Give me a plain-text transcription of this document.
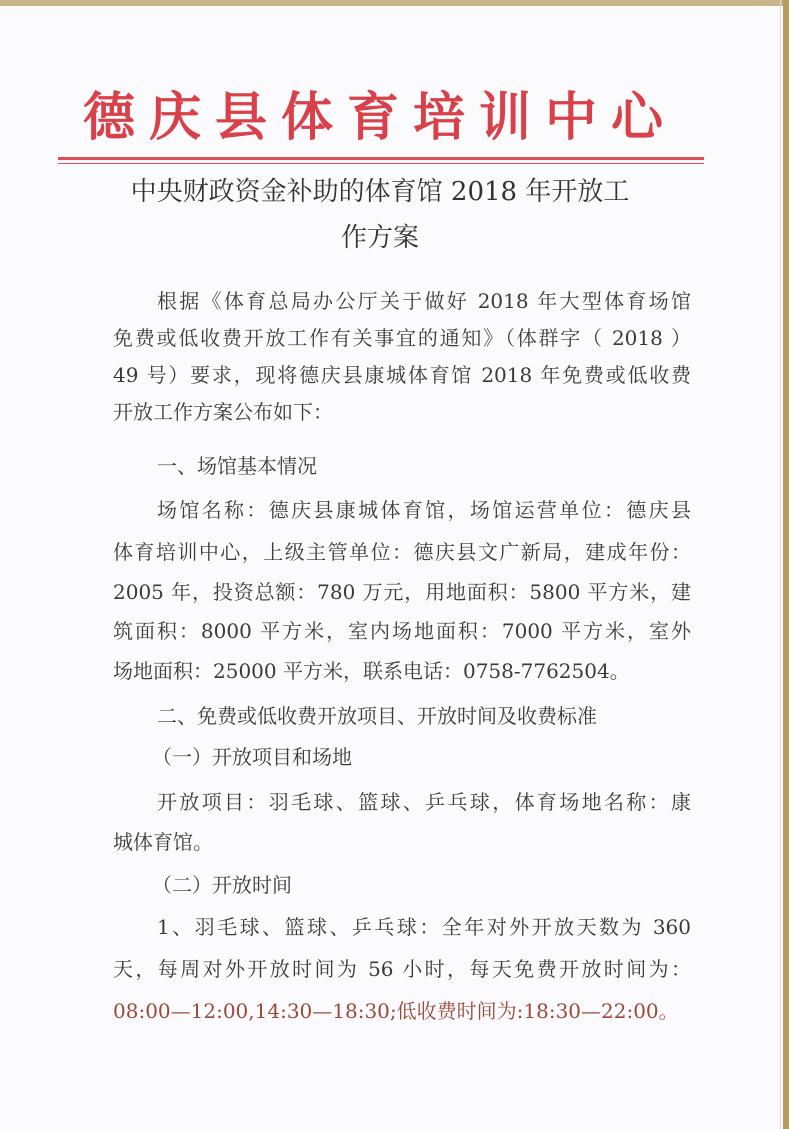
德庆县体育培训中心
中央财政资金补助的体育馆 2018 年开放工
作方案
根据《体育总局办公厅关于做好 2018 年大型体育场馆
免费或低收费开放工作有关事宜的通知》（体群字（ 2018 ）
49 号）要求，现将德庆县康城体育馆 2018 年免费或低收费
开放工作方案公布如下：
一、场馆基本情况
场馆名称：德庆县康城体育馆，场馆运营单位：德庆县
体育培训中心，上级主管单位：德庆县文广新局，建成年份：
2005 年，投资总额：780 万元，用地面积：5800 平方米，建
筑面积：8000 平方米，室内场地面积：7000 平方米，室外
场地面积：25000 平方米，联系电话：0758-7762504。
二、免费或低收费开放项目、开放时间及收费标准
（一）开放项目和场地
开放项目：羽毛球、篮球、乒乓球，体育场地名称：康
城体育馆。
（二）开放时间
1、羽毛球、篮球、乒乓球：全年对外开放天数为 360
天，每周对外开放时间为 56 小时，每天免费开放时间为：
08:00—12:00,14:30—18:30;低收费时间为:18:30—22:00。
